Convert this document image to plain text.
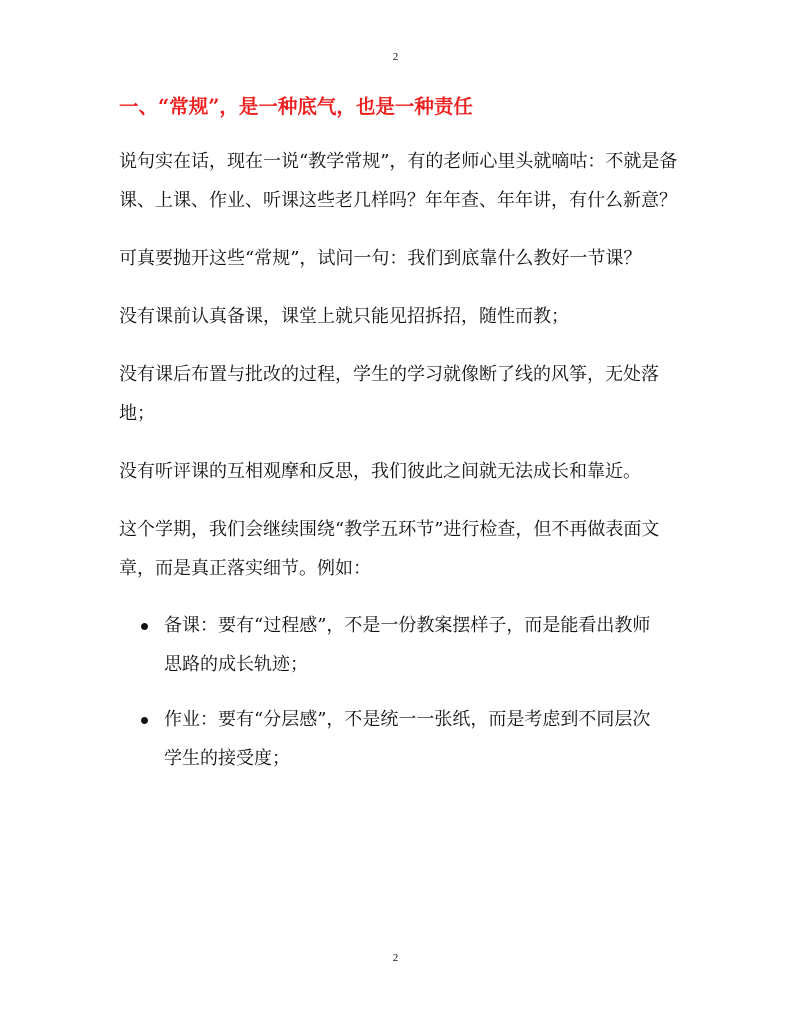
2
一、“常规”，是一种底气，也是一种责任

说句实在话，现在一说“教学常规”，有的老师心里头就嘀咕：不就是备课、上课、作业、听课这些老几样吗？年年查、年年讲，有什么新意？

可真要抛开这些“常规”，试问一句：我们到底靠什么教好一节课？

没有课前认真备课，课堂上就只能见招拆招，随性而教；

没有课后布置与批改的过程，学生的学习就像断了线的风筝，无处落地；

没有听评课的互相观摩和反思，我们彼此之间就无法成长和靠近。

这个学期，我们会继续围绕“教学五环节”进行检查，但不再做表面文章，而是真正落实细节。例如：

备课：要有“过程感”，不是一份教案摆样子，而是能看出教师思路的成长轨迹；
作业：要有“分层感”，不是统一一张纸，而是考虑到不同层次学生的接受度；
2
